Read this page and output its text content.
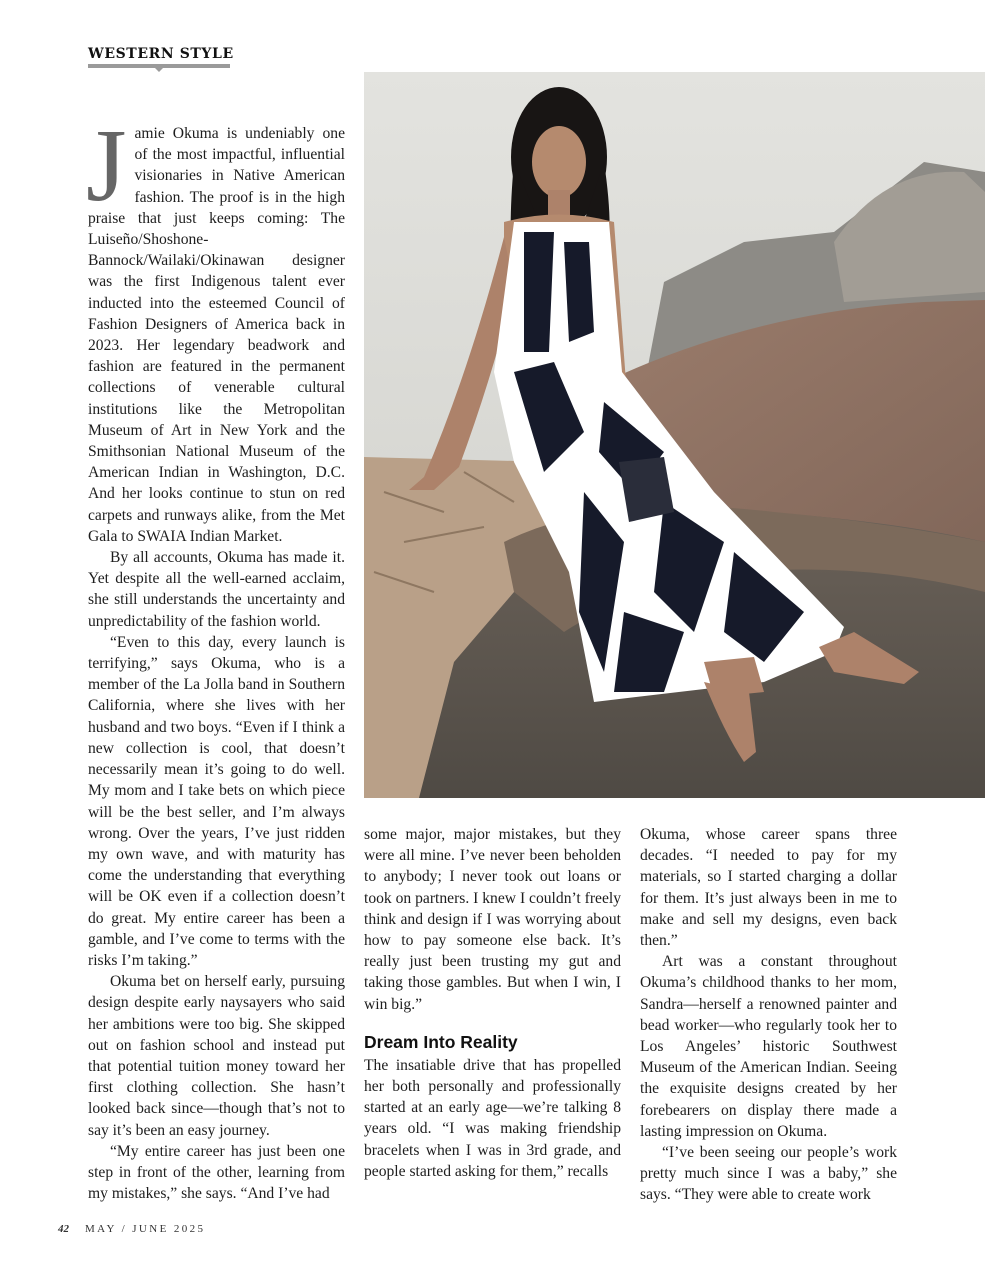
WESTERN STYLE

Jamie Okuma is undeniably one of the most impactful, influential visionaries in Native American fashion. The proof is in the high praise that just keeps coming: The Luiseño/Shoshone-Bannock/Wailaki/Okinawan designer was the first Indigenous talent ever inducted into the esteemed Council of Fashion Designers of America back in 2023. Her legendary beadwork and fashion are featured in the permanent collections of venerable cultural institutions like the Metropolitan Museum of Art in New York and the Smithsonian National Museum of the American Indian in Washington, D.C. And her looks continue to stun on red carpets and runways alike, from the Met Gala to SWAIA Indian Market.

By all accounts, Okuma has made it. Yet despite all the well-earned acclaim, she still understands the uncertainty and unpredictability of the fashion world.

“Even to this day, every launch is terrifying,” says Okuma, who is a member of the La Jolla band in Southern California, where she lives with her husband and two boys. “Even if I think a new collection is cool, that doesn’t necessarily mean it’s going to do well. My mom and I take bets on which piece will be the best seller, and I’m always wrong. Over the years, I’ve just ridden my own wave, and with maturity has come the understanding that everything will be OK even if a collection doesn’t do great. My entire career has been a gamble, and I’ve come to terms with the risks I’m taking.”

Okuma bet on herself early, pursuing design despite early naysayers who said her ambitions were too big. She skipped out on fashion school and instead put that potential tuition money toward her first clothing collection. She hasn’t looked back since—though that’s not to say it’s been an easy journey.

“My entire career has just been one step in front of the other, learning from my mistakes,” she says. “And I’ve had

some major, major mistakes, but they were all mine. I’ve never been beholden to anybody; I never took out loans or took on partners. I knew I couldn’t freely think and design if I was worrying about how to pay someone else back. It’s really just been trusting my gut and taking those gambles. But when I win, I win big.”

Dream Into Reality

The insatiable drive that has propelled her both personally and professionally started at an early age—we’re talking 8 years old. “I was making friendship bracelets when I was in 3rd grade, and people started asking for them,” recalls

Okuma, whose career spans three decades. “I needed to pay for my materials, so I started charging a dollar for them. It’s just always been in me to make and sell my designs, even back then.”

Art was a constant throughout Okuma’s childhood thanks to her mom, Sandra—herself a renowned painter and bead worker—who regularly took her to Los Angeles’ historic Southwest Museum of the American Indian. Seeing the exquisite designs created by her forebearers on display there made a lasting impression on Okuma.

“I’ve been seeing our people’s work pretty much since I was a baby,” she says. “They were able to create work

42 MAY / JUNE 2025
